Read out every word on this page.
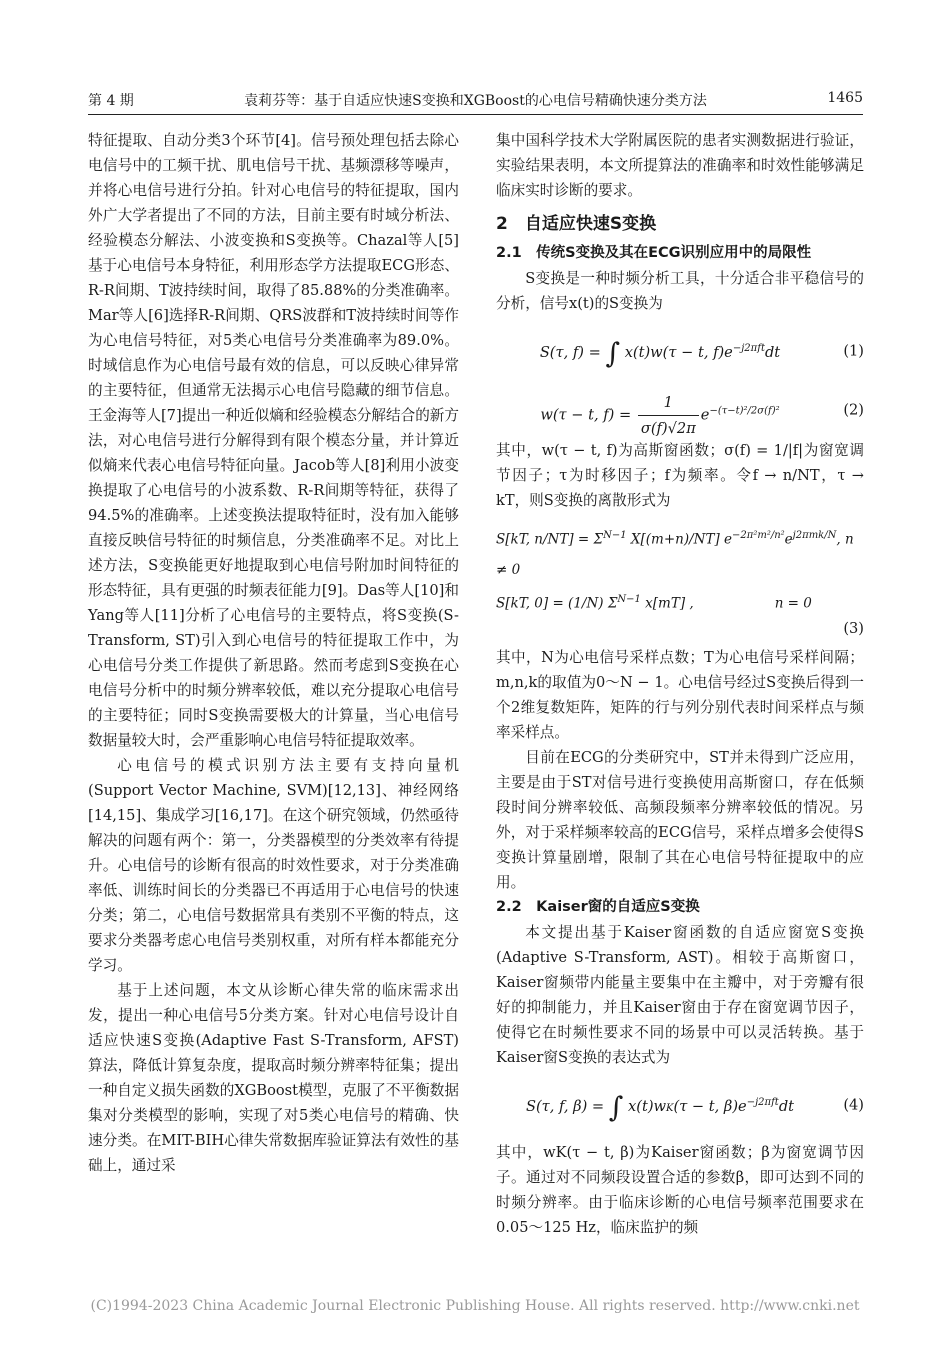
第 4 期	袁莉芬等：基于自适应快速S变换和XGBoost的心电信号精确快速分类方法	1465

特征提取、自动分类3个环节[4]。信号预处理包括去除心电信号中的工频干扰、肌电信号干扰、基频漂移等噪声，并将心电信号进行分拍。针对心电信号的特征提取，国内外广大学者提出了不同的方法，目前主要有时域分析法、经验模态分解法、小波变换和S变换等。Chazal等人[5]基于心电信号本身特征，利用形态学方法提取ECG形态、R-R间期、T波持续时间，取得了85.88%的分类准确率。Mar等人[6]选择R-R间期、QRS波群和T波持续时间等作为心电信号特征，对5类心电信号分类准确率为89.0%。时域信息作为心电信号最有效的信息，可以反映心律异常的主要特征，但通常无法揭示心电信号隐藏的细节信息。王金海等人[7]提出一种近似熵和经验模态分解结合的新方法，对心电信号进行分解得到有限个模态分量，并计算近似熵来代表心电信号特征向量。Jacob等人[8]利用小波变换提取了心电信号的小波系数、R-R间期等特征，获得了94.5%的准确率。上述变换法提取特征时，没有加入能够直接反映信号特征的时频信息，分类准确率不足。对比上述方法，S变换能更好地提取到心电信号附加时间特征的形态特征，具有更强的时频表征能力[9]。Das等人[10]和Yang等人[11]分析了心电信号的主要特点，将S变换(S-Transform, ST)引入到心电信号的特征提取工作中，为心电信号分类工作提供了新思路。然而考虑到S变换在心电信号分析中的时频分辨率较低，难以充分提取心电信号的主要特征；同时S变换需要极大的计算量，当心电信号数据量较大时，会严重影响心电信号特征提取效率。

心电信号的模式识别方法主要有支持向量机(Support Vector Machine, SVM)[12,13]、神经网络[14,15]、集成学习[16,17]。在这个研究领域，仍然亟待解决的问题有两个：第一，分类器模型的分类效率有待提升。心电信号的诊断有很高的时效性要求，对于分类准确率低、训练时间长的分类器已不再适用于心电信号的快速分类；第二，心电信号数据常具有类别不平衡的特点，这要求分类器考虑心电信号类别权重，对所有样本都能充分学习。

基于上述问题，本文从诊断心律失常的临床需求出发，提出一种心电信号5分类方案。针对心电信号设计自适应快速S变换(Adaptive Fast S-Transform, AFST)算法，降低计算复杂度，提取高时频分辨率特征集；提出一种自定义损失函数的XGBoost模型，克服了不平衡数据集对分类模型的影响，实现了对5类心电信号的精确、快速分类。在MIT-BIH心律失常数据库验证算法有效性的基础上，通过采

集中国科学技术大学附属医院的患者实测数据进行验证，实验结果表明，本文所提算法的准确率和时效性能够满足临床实时诊断的要求。

2　自适应快速S变换
2.1　传统S变换及其在ECG识别应用中的局限性

S变换是一种时频分析工具，十分适合非平稳信号的分析，信号x(t)的S变换为

S(τ, f) = ∫ x(t)w(τ − t, $f)e^{-j2\pi ft}dt$	(1)
w(τ − t, $f) = \frac{1}{\sigma(f)√2\pi} e^{-(\tau-t)^2/2\sigma(f)^2}$	(2)

其中，w(τ − t, f)为高斯窗函数；σ(f) = 1/|f|为窗宽调节因子；τ为时移因子；f为频率。令f → n/NT，τ → kT，则S变换的离散形式为

S[kT, $n/NT] = \Sigma^{N-1}$ X[(m+n)/NT] $e^{-2\pi^2m^2/n^2}e^{j2\pi mk/N}$, n ≠ 0
S[kT, 0] = (1/N) $\Sigma^{N-1}$ x[mT] ,　　　　　　n = 0
(3)

其中，N为心电信号采样点数；T为心电信号采样间隔；m,n,k的取值为0～N − 1。心电信号经过S变换后得到一个2维复数矩阵，矩阵的行与列分别代表时间采样点与频率采样点。

目前在ECG的分类研究中，ST并未得到广泛应用，主要是由于ST对信号进行变换使用高斯窗口，存在低频段时间分辨率较低、高频段频率分辨率较低的情况。另外，对于采样频率较高的ECG信号，采样点增多会使得S变换计算量剧增，限制了其在心电信号特征提取中的应用。

2.2　Kaiser窗的自适应S变换

本文提出基于Kaiser窗函数的自适应窗宽S变换(Adaptive S-Transform, AST)。相较于高斯窗口，Kaiser窗频带内能量主要集中在主瓣中，对于旁瓣有很好的抑制能力，并且Kaiser窗由于存在窗宽调节因子，使得它在时频性要求不同的场景中可以灵活转换。基于Kaiser窗S变换的表达式为

S(τ, f, β) = ∫ x(t)wK(τ − t, $\beta)e^{-j2\pi ft}dt$	(4)

其中，wK(τ − t, β)为Kaiser窗函数；β为窗宽调节因子。通过对不同频段设置合适的参数β，即可达到不同的时频分辨率。由于临床诊断的心电信号频率范围要求在0.05～125 Hz，临床监护的频

(C)1994-2023 China Academic Journal Electronic Publishing House. All rights reserved. http://www.cnki.net
